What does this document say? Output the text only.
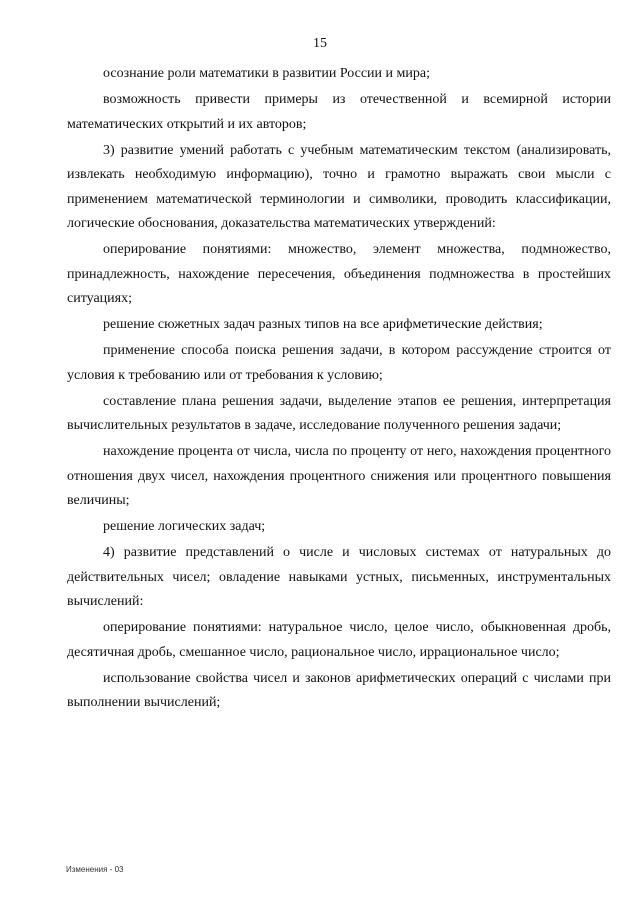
15

осознание роли математики в развитии России и мира;

возможность привести примеры из отечественной и всемирной истории математических открытий и их авторов;

3) развитие умений работать с учебным математическим текстом (анализировать, извлекать необходимую информацию), точно и грамотно выражать свои мысли с применением математической терминологии и символики, проводить классификации, логические обоснования, доказательства математических утверждений:

оперирование понятиями: множество, элемент множества, подмножество, принадлежность, нахождение пересечения, объединения подмножества в простейших ситуациях;

решение сюжетных задач разных типов на все арифметические действия;

применение способа поиска решения задачи, в котором рассуждение строится от условия к требованию или от требования к условию;

составление плана решения задачи, выделение этапов ее решения, интерпретация вычислительных результатов в задаче, исследование полученного решения задачи;

нахождение процента от числа, числа по проценту от него, нахождения процентного отношения двух чисел, нахождения процентного снижения или процентного повышения величины;

решение логических задач;

4) развитие представлений о числе и числовых системах от натуральных до действительных чисел; овладение навыками устных, письменных, инструментальных вычислений:

оперирование понятиями: натуральное число, целое число, обыкновенная дробь, десятичная дробь, смешанное число, рациональное число, иррациональное число;

использование свойства чисел и законов арифметических операций с числами при выполнении вычислений;

Изменения - 03
